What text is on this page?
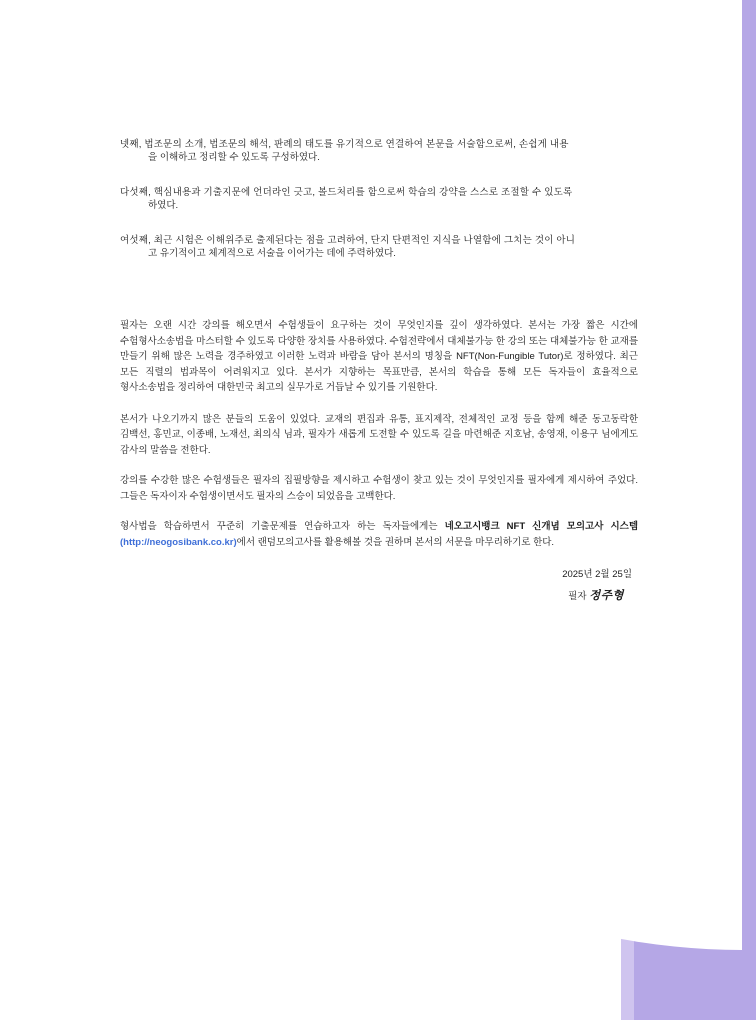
넷째, 법조문의 소개, 법조문의 해석, 판례의 태도를 유기적으로 연결하여 본문을 서술함으로써, 손쉽게 내용
을 이해하고 정리할 수 있도록 구성하였다.
다섯째, 핵심내용과 기출지문에 언더라인 긋고, 볼드처리를 함으로써 학습의 강약을 스스로 조절할 수 있도록
하였다.
여섯째, 최근 시험은 이해위주로 출제된다는 점을 고려하여, 단지 단편적인 지식을 나열함에 그치는 것이 아니
고 유기적이고 체계적으로 서술을 이어가는 데에 주력하였다.

필자는 오랜 시간 강의를 해오면서 수험생들이 요구하는 것이 무엇인지를 깊이 생각하였다. 본서는 가장 짧은 시간에 수험형사소송법을 마스터할 수 있도록 다양한 장치를 사용하였다. 수험전략에서 대체불가능 한 강의 또는 대체불가능 한 교재를 만들기 위해 많은 노력을 경주하였고 이러한 노력과 바람을 담아 본서의 명칭을 NFT(Non-Fungible Tutor)로 정하였다. 최근 모든 직렬의 법과목이 어려워지고 있다. 본서가 지향하는 목표만큼, 본서의 학습을 통해 모든 독자들이 효율적으로 형사소송법을 정리하여 대한민국 최고의 실무가로 거듭날 수 있기를 기원한다.

본서가 나오기까지 많은 분들의 도움이 있었다. 교재의 편집과 유통, 표지제작, 전체적인 교정 등을 함께 해준 동고동락한 김백선, 홍민교, 이종배, 노재선, 최의식 님과, 필자가 새롭게 도전할 수 있도록 길을 마련해준 지호남, 송영재, 이용구 님에게도 감사의 말씀을 전한다.

강의를 수강한 많은 수험생들은 필자의 집필방향을 제시하고 수험생이 찾고 있는 것이 무엇인지를 필자에게 제시하여 주었다. 그들은 독자이자 수험생이면서도 필자의 스승이 되었음을 고백한다.

형사법을 학습하면서 꾸준히 기출문제를 연습하고자 하는 독자들에게는 네오고시뱅크 NFT 신개념 모의고사 시스템(http://neogosibank.co.kr)에서 랜덤모의고사를 활용해볼 것을 권하며 본서의 서문을 마무리하기로 한다.

2025년 2월 25일
필자 정주형
